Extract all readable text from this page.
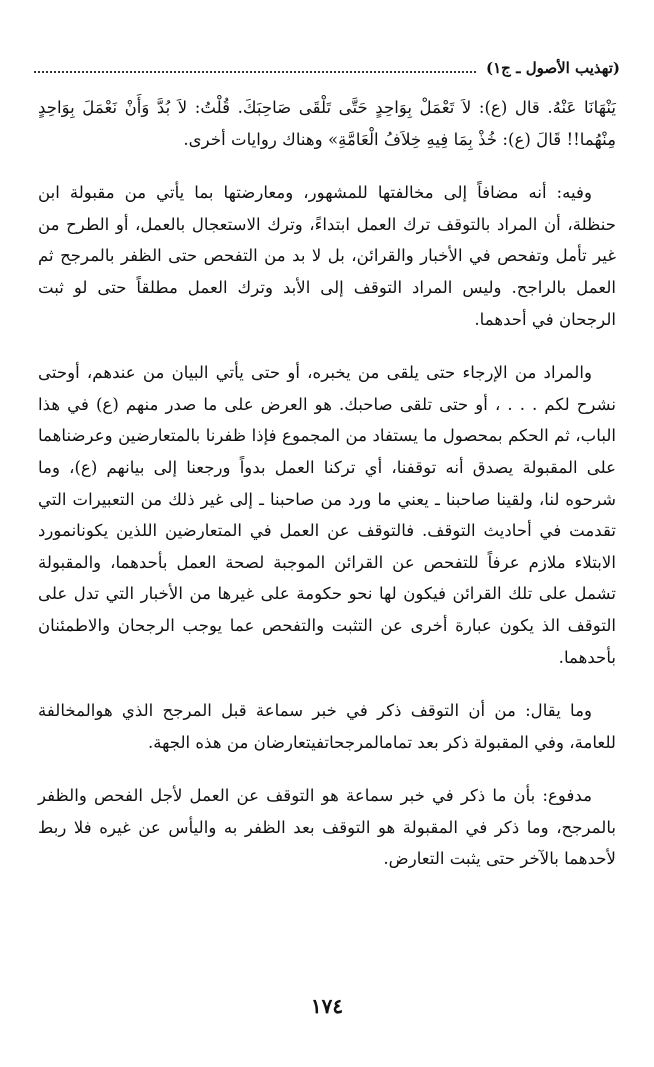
(تهذيب الأصول ـ ج١)

يَنْهَانَا عَنْهُ. قال (ع): لاَ تَعْمَلْ بِوَاحِدٍ حَتَّى تَلْقَى صَاحِبَكَ. قُلْتُ: لاَ بُدَّ وَأَنْ نَعْمَلَ بِوَاحِدٍ مِنْهُما!! قَالَ (ع): خُذْ بِمَا فِيهِ خِلاَفُ الْعَامَّةِ» وهناك روايات أخرى.

وفيه: أنه مضافاً إلى مخالفتها للمشهور، ومعارضتها بما يأتي من مقبولة ابن حنظلة، أن المراد بالتوقف ترك العمل ابتداءً، وترك الاستعجال بالعمل، أو الطرح من غير تأمل وتفحص في الأخبار والقرائن، بل لا بد من التفحص حتى الظفر بالمرجح ثم العمل بالراجح. وليس المراد التوقف إلى الأبد وترك العمل مطلقاً حتى لو ثبت الرجحان في أحدهما.

والمراد من الإرجاء حتى يلقى من يخبره، أو حتى يأتي البيان من عندهم، أوحتى نشرح لكم . . . ، أو حتى تلقى صاحبك. هو العرض على ما صدر منهم (ع) في هذا الباب، ثم الحكم بمحصول ما يستفاد من المجموع فإذا ظفرنا بالمتعارضين وعرضناهما على المقبولة يصدق أنه توقفنا، أي تركنا العمل بدواً ورجعنا إلى بيانهم (ع)، وما شرحوه لنا، ولقينا صاحبنا ـ يعني ما ورد من صاحبنا ـ إلى غير ذلك من التعبيرات التي تقدمت في أحاديث التوقف. فالتوقف عن العمل في المتعارضين اللذين يكونانمورد الابتلاء ملازم عرفاً للتفحص عن القرائن الموجبة لصحة العمل بأحدهما، والمقبولة تشمل على تلك القرائن فيكون لها نحو حكومة على غيرها من الأخبار التي تدل على التوقف الذ يكون عبارة أخرى عن التثبت والتفحص عما يوجب الرجحان والاطمئنان بأحدهما.

وما يقال: من أن التوقف ذكر في خبر سماعة قبل المرجح الذي هوالمخالفة للعامة، وفي المقبولة ذكر بعد تمامالمرجحاتفيتعارضان من هذه الجهة.

مدفوع: بأن ما ذكر في خبر سماعة هو التوقف عن العمل لأجل الفحص والظفر بالمرجح، وما ذكر في المقبولة هو التوقف بعد الظفر به واليأس عن غيره فلا ربط لأحدهما بالآخر حتى يثبت التعارض.

١٧٤
